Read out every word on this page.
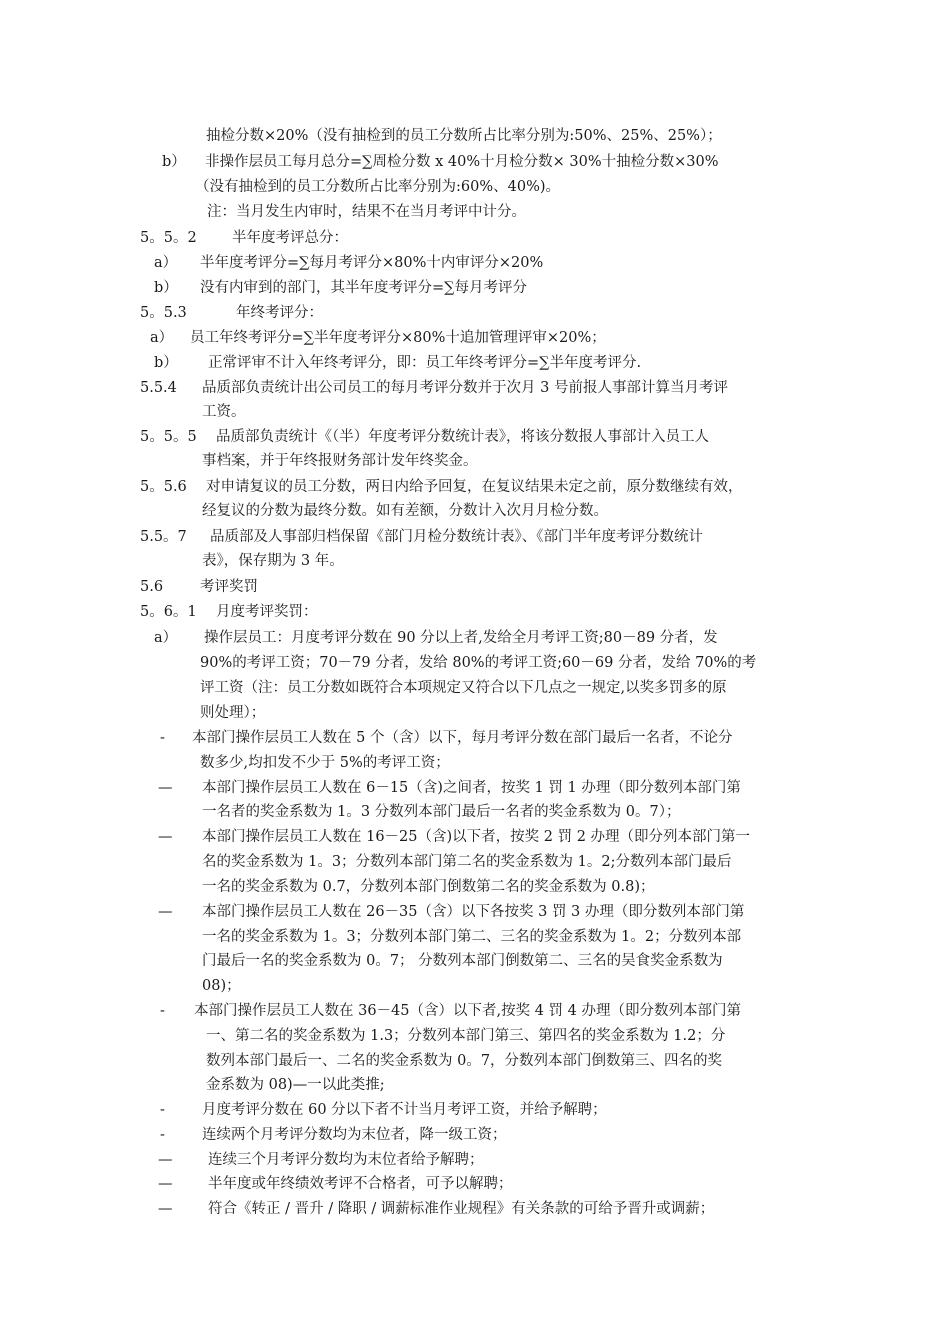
抽检分数×20%（没有抽检到的员工分数所占比率分别为:50%、25%、25%）；
b） 非操作层员工每月总分=∑周检分数 x 40%十月检分数× 30%十抽检分数×30%
（没有抽检到的员工分数所占比率分别为:60%、40%)。
注：当月发生内审时，结果不在当月考评中计分。
5。5。2 半年度考评总分：
a） 半年度考评分=∑每月考评分×80%十内审评分×20%
b） 没有内审到的部门，其半年度考评分=∑每月考评分
5。5.3	年终考评分：
a） 员工年终考评分=∑半年度考评分×80%十追加管理评审×20%；
b） 正常评审不计入年终考评分，即：员工年终考评分=∑半年度考评分.
5.5.4 品质部负责统计出公司员工的每月考评分数并于次月 3 号前报人事部计算当月考评
工资。
5。5。5 品质部负责统计《（半）年度考评分数统计表》，将该分数报人事部计入员工人
事档案，并于年终报财务部计发年终奖金。
5。5.6 对申请复议的员工分数，两日内给予回复，在复议结果未定之前，原分数继续有效，
经复议的分数为最终分数。如有差额，分数计入次月月检分数。
5.5。7 品质部及人事部归档保留《部门月检分数统计表》、《部门半年度考评分数统计
表》，保存期为 3 年。
5.6	考评奖罚
5。6。1 月度考评奖罚：
a） 操作层员工：月度考评分数在 90 分以上者,发给全月考评工资;80－89 分者，发
90%的考评工资；70－79 分者，发给 80%的考评工资;60－69 分者，发给 70%的考
评工资（注：员工分数如既符合本项规定又符合以下几点之一规定,以奖多罚多的原
则处理）；
- 本部门操作层员工人数在 5 个（含）以下，每月考评分数在部门最后一名者，不论分
数多少,均扣发不少于 5%的考评工资；
— 本部门操作层员工人数在 6－15（含)之间者，按奖 1 罚 1 办理（即分数列本部门第
一名者的奖金系数为 1。3 分数列本部门最后一名者的奖金系数为 0。7）；
— 本部门操作层员工人数在 16－25（含)以下者，按奖 2 罚 2 办理（即分列本部门第一
名的奖金系数为 1。3；分数列本部门第二名的奖金系数为 1。2;分数列本部门最后
一名的奖金系数为 0.7，分数列本部门倒数第二名的奖金系数为 0.8)；
— 本部门操作层员工人数在 26－35（含）以下各按奖 3 罚 3 办理（即分数列本部门第
一名的奖金系数为 1。3；分数列本部门第二、三名的奖金系数为 1。2；分数列本部
门最后一名的奖金系数为 0。7； 分数列本部门倒数第二、三名的吴食奖金系数为
08)；
- 本部门操作层员工人数在 36－45（含）以下者,按奖 4 罚 4 办理（即分数列本部门第
一、第二名的奖金系数为 1.3；分数列本部门第三、第四名的奖金系数为 1.2；分
数列本部门最后一、二名的奖金系数为 0。7，分数列本部门倒数第三、四名的奖
金系数为 08)—一以此类推;
-	月度考评分数在 60 分以下者不计当月考评工资，并给予解聘；
-	连续两个月考评分数均为末位者，降一级工资；
— 连续三个月考评分数均为末位者给予解聘；
— 半年度或年终绩效考评不合格者，可予以解聘；
— 符合《转正 / 晋升 / 降职 / 调薪标准作业规程》有关条款的可给予晋升或调薪；
